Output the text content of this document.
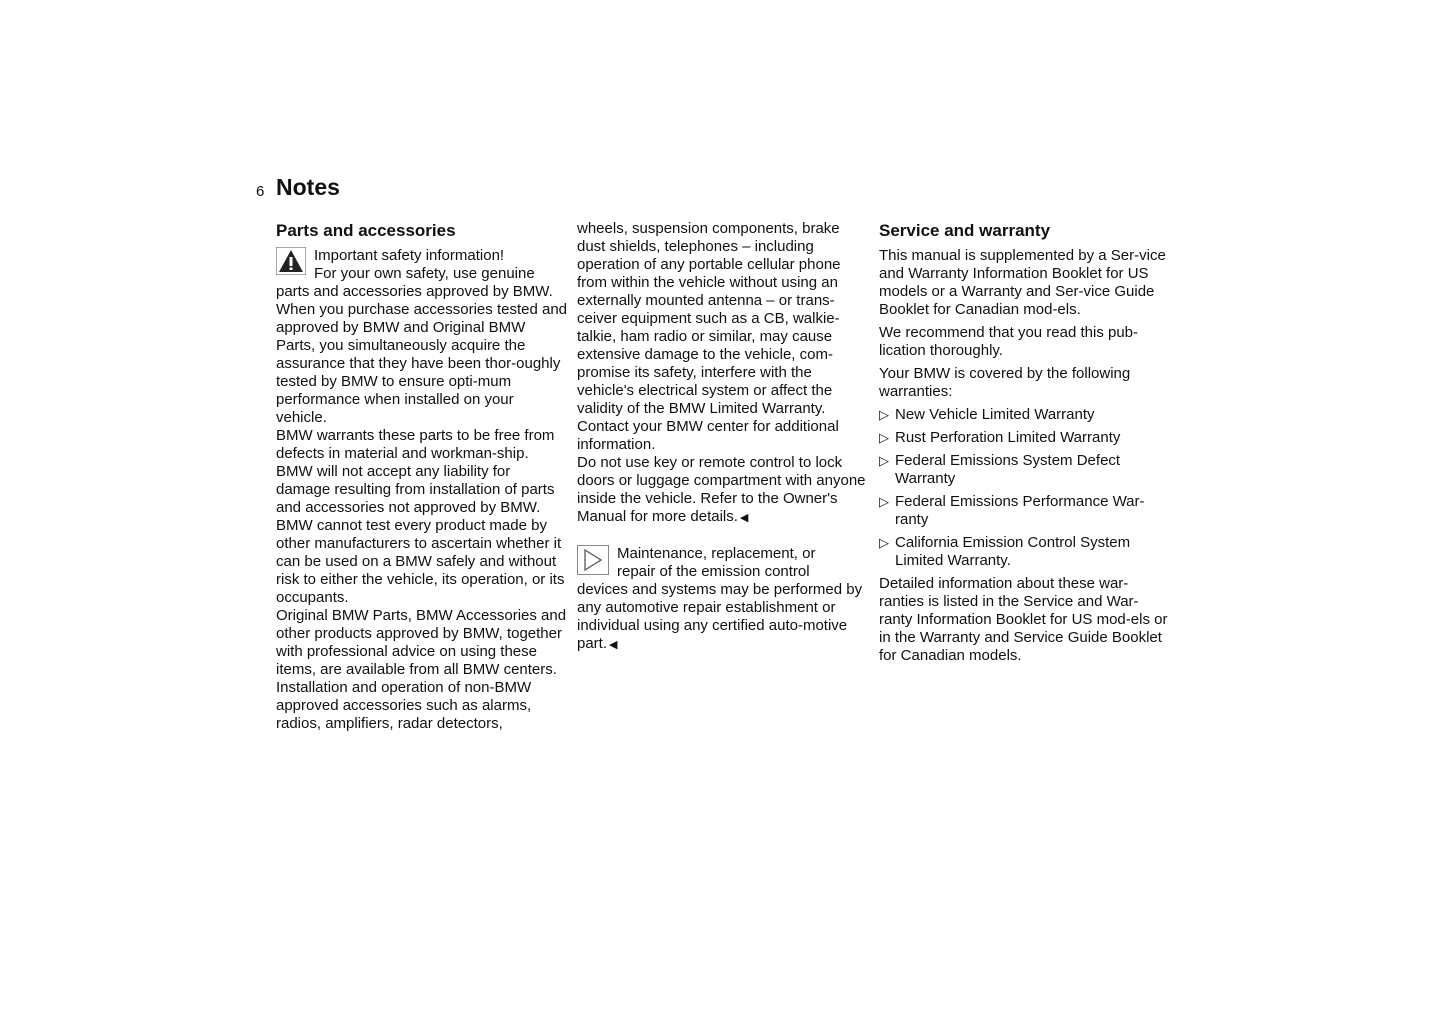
6 Notes
Parts and accessories
Important safety information!
For your own safety, use genuine
parts and accessories approved by BMW.

When you purchase accessories tested and approved by BMW and Original BMW Parts, you simultaneously acquire the assurance that they have been thor-oughly tested by BMW to ensure opti-mum performance when installed on your vehicle.

BMW warrants these parts to be free from defects in material and workman-ship.

BMW will not accept any liability for damage resulting from installation of parts and accessories not approved by BMW.

BMW cannot test every product made by other manufacturers to ascertain whether it can be used on a BMW safely and without risk to either the vehicle, its operation, or its occupants.

Original BMW Parts, BMW Accessories and other products approved by BMW, together with professional advice on using these items, are available from all BMW centers.

Installation and operation of non-BMW approved accessories such as alarms, radios, amplifiers, radar detectors,

wheels, suspension components, brake dust shields, telephones – including operation of any portable cellular phone from within the vehicle without using an externally mounted antenna – or trans-ceiver equipment such as a CB, walkie-talkie, ham radio or similar, may cause extensive damage to the vehicle, com-promise its safety, interfere with the vehicle's electrical system or affect the validity of the BMW Limited Warranty. Contact your BMW center for additional information.

Do not use key or remote control to lock doors or luggage compartment with anyone inside the vehicle. Refer to the Owner's Manual for more details. ◀

Maintenance, replacement, or
repair of the emission control
devices and systems may be performed by any automotive repair establishment or individual using any certified auto-motive part. ◀
Service and warranty

This manual is supplemented by a Ser-vice and Warranty Information Booklet for US models or a Warranty and Ser-vice Guide Booklet for Canadian mod-els.

We recommend that you read this pub-lication thoroughly.

Your BMW is covered by the following warranties:

▷ New Vehicle Limited Warranty
▷ Rust Perforation Limited Warranty
▷ Federal Emissions System Defect Warranty
▷ Federal Emissions Performance War-ranty
▷ California Emission Control System Limited Warranty.

Detailed information about these war-ranties is listed in the Service and War-ranty Information Booklet for US mod-els or in the Warranty and Service Guide Booklet for Canadian models.
